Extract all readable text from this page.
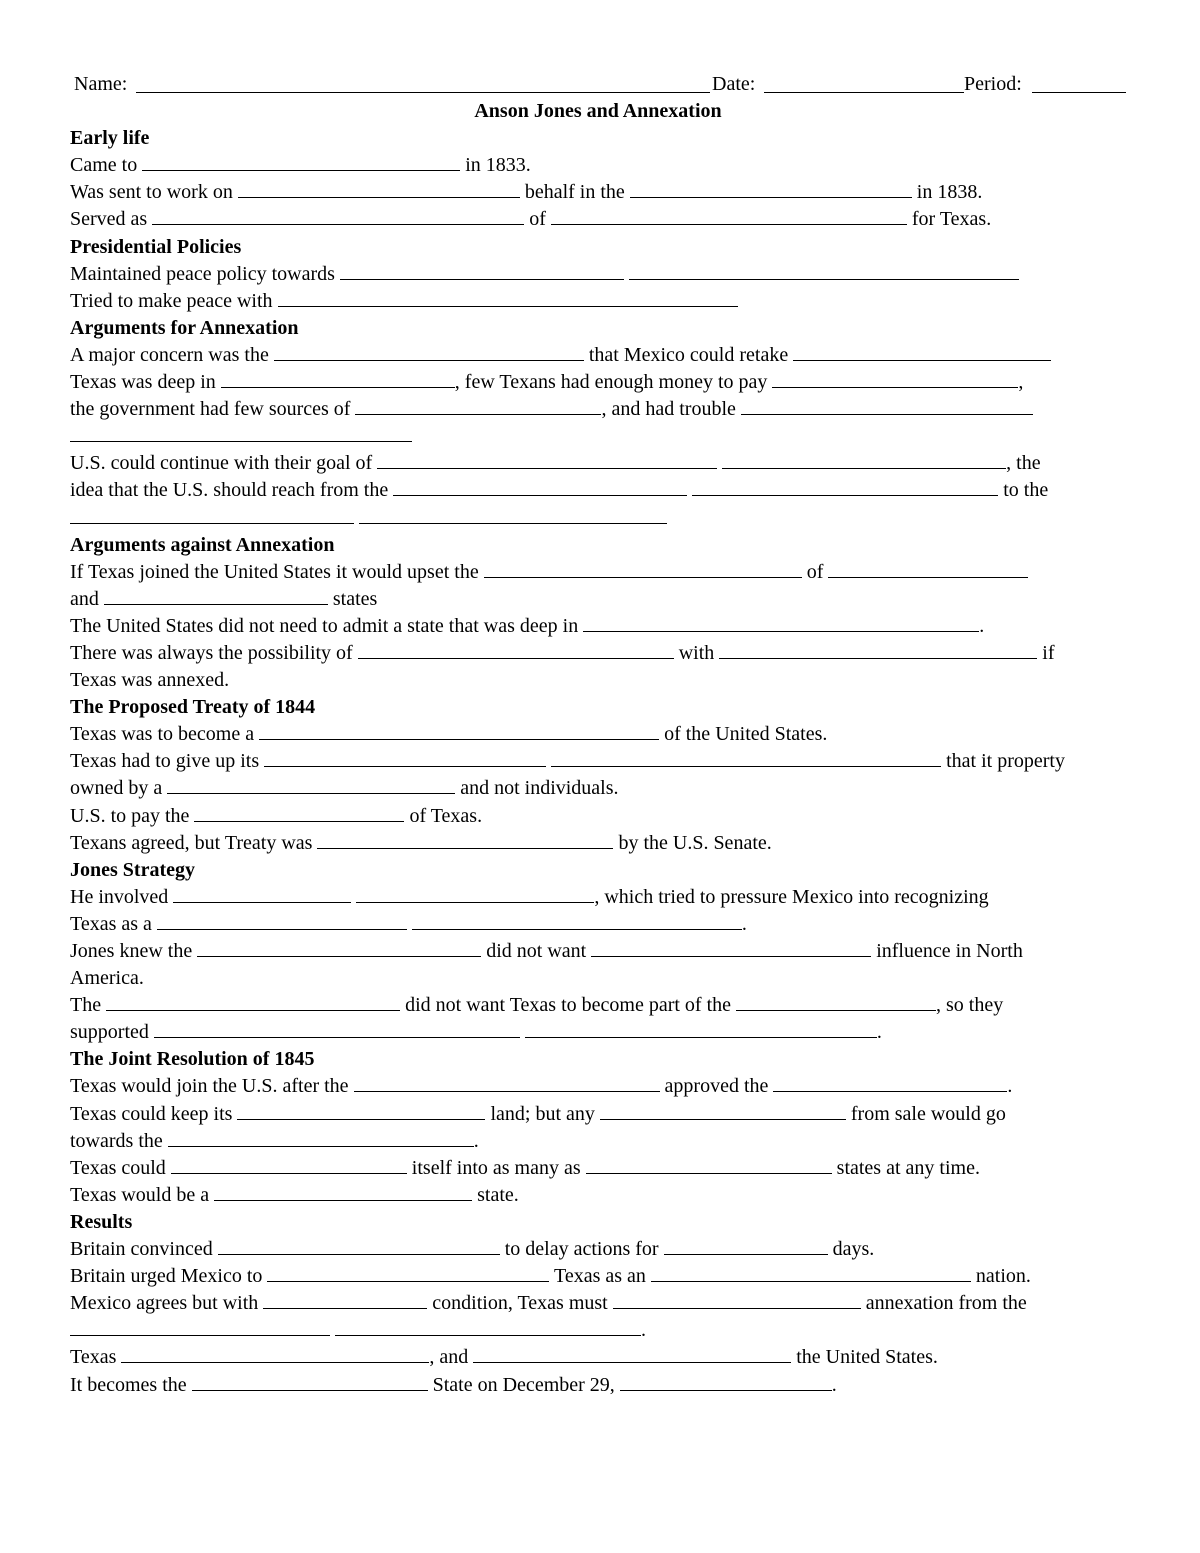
Name:	Date:	Period:
Anson Jones and Annexation
Early life
Came to	in 1833.
Was sent to work on	behalf in the	in 1838.
Served as	of	for Texas.
Presidential Policies
Maintained peace policy towards
Tried to make peace with
Arguments for Annexation
A major concern was the	that Mexico could retake
Texas was deep in	, few Texans had enough money to pay	,
the government had few sources of	, and had trouble
U.S. could continue with their goal of	, the
idea that the U.S. should reach from the	to the

Arguments against Annexation
If Texas joined the United States it would upset the	of
and	states
The United States did not need to admit a state that was deep in	.
There was always the possibility of	with	if
Texas was annexed.
The Proposed Treaty of 1844
Texas was to become a	of the United States.
Texas had to give up its	that it property
owned by a	and not individuals.
U.S. to pay the	of Texas.
Texans agreed, but Treaty was	by the U.S. Senate.
Jones Strategy
He involved	, which tried to pressure Mexico into recognizing
Texas as a	.
Jones knew the	did not want	influence in North
America.
The	did not want Texas to become part of the	, so they
supported	.
The Joint Resolution of 1845
Texas would join the U.S. after the	approved the	.
Texas could keep its	land; but any	from sale would go
towards the	.
Texas could	itself into as many as	states at any time.
Texas would be a	state.
Results
Britain convinced	to delay actions for	days.
Britain urged Mexico to	Texas as an	nation.
Mexico agrees but with	condition, Texas must	annexation from the
.
Texas	, and	the United States.
It becomes the	State on December 29,	.
